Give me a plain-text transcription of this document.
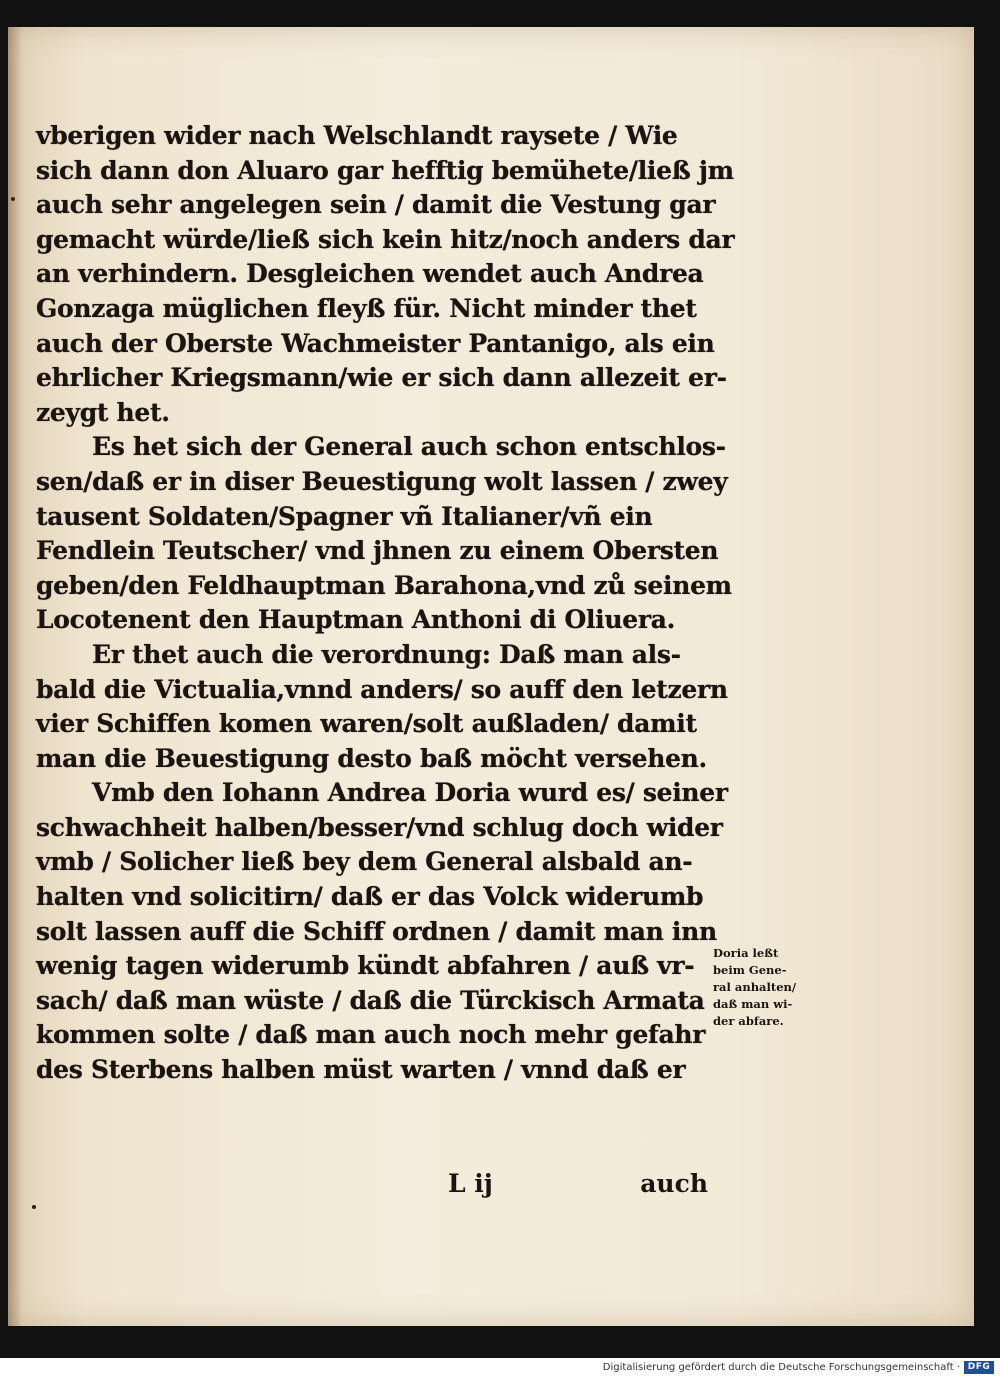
vberigen wider nach Welschlandt raysete / Wie
sich dann don Aluaro gar hefftig bemühete/ließ jm
auch sehr angelegen sein / damit die Vestung gar
gemacht würde/ließ sich kein hitz/noch anders dar
an verhindern. Desgleichen wendet auch Andrea
Gonzaga müglichen fleyß für. Nicht minder thet
auch der Oberste Wachmeister Pantanigo, als ein
ehrlicher Kriegsmann/wie er sich dann allezeit er-
zeygt het.
Es het sich der General auch schon entschlos-
sen/daß er in diser Beuestigung wolt lassen / zwey
tausent Soldaten/Spagner vñ Italianer/vñ ein
Fendlein Teutscher/ vnd jhnen zu einem Obersten
geben/den Feldhauptman Barahona,vnd zů seinem
Locotenent den Hauptman Anthoni di Oliuera.
Er thet auch die verordnung: Daß man als-
bald die Victualia,vnnd anders/ so auff den letzern
vier Schiffen komen waren/solt außladen/ damit
man die Beuestigung desto baß möcht versehen.
Vmb den Iohann Andrea Doria wurd es/ seiner
schwachheit halben/besser/vnd schlug doch wider
vmb / Solicher ließ bey dem General alsbald an-
halten vnd solicitirn/ daß er das Volck widerumb
solt lassen auff die Schiff ordnen / damit man inn
wenig tagen widerumb kündt abfahren / auß vr-
sach/ daß man wüste / daß die Türckisch Armata
kommen solte / daß man auch noch mehr gefahr
des Sterbens halben müst warten / vnnd daß er
Doria leßt
beim Gene-
ral anhalten/
daß man wi-
der abfare.
L ij	auch
Digitalisierung gefördert durch die Deutsche Forschungsgemeinschaft · DFG
